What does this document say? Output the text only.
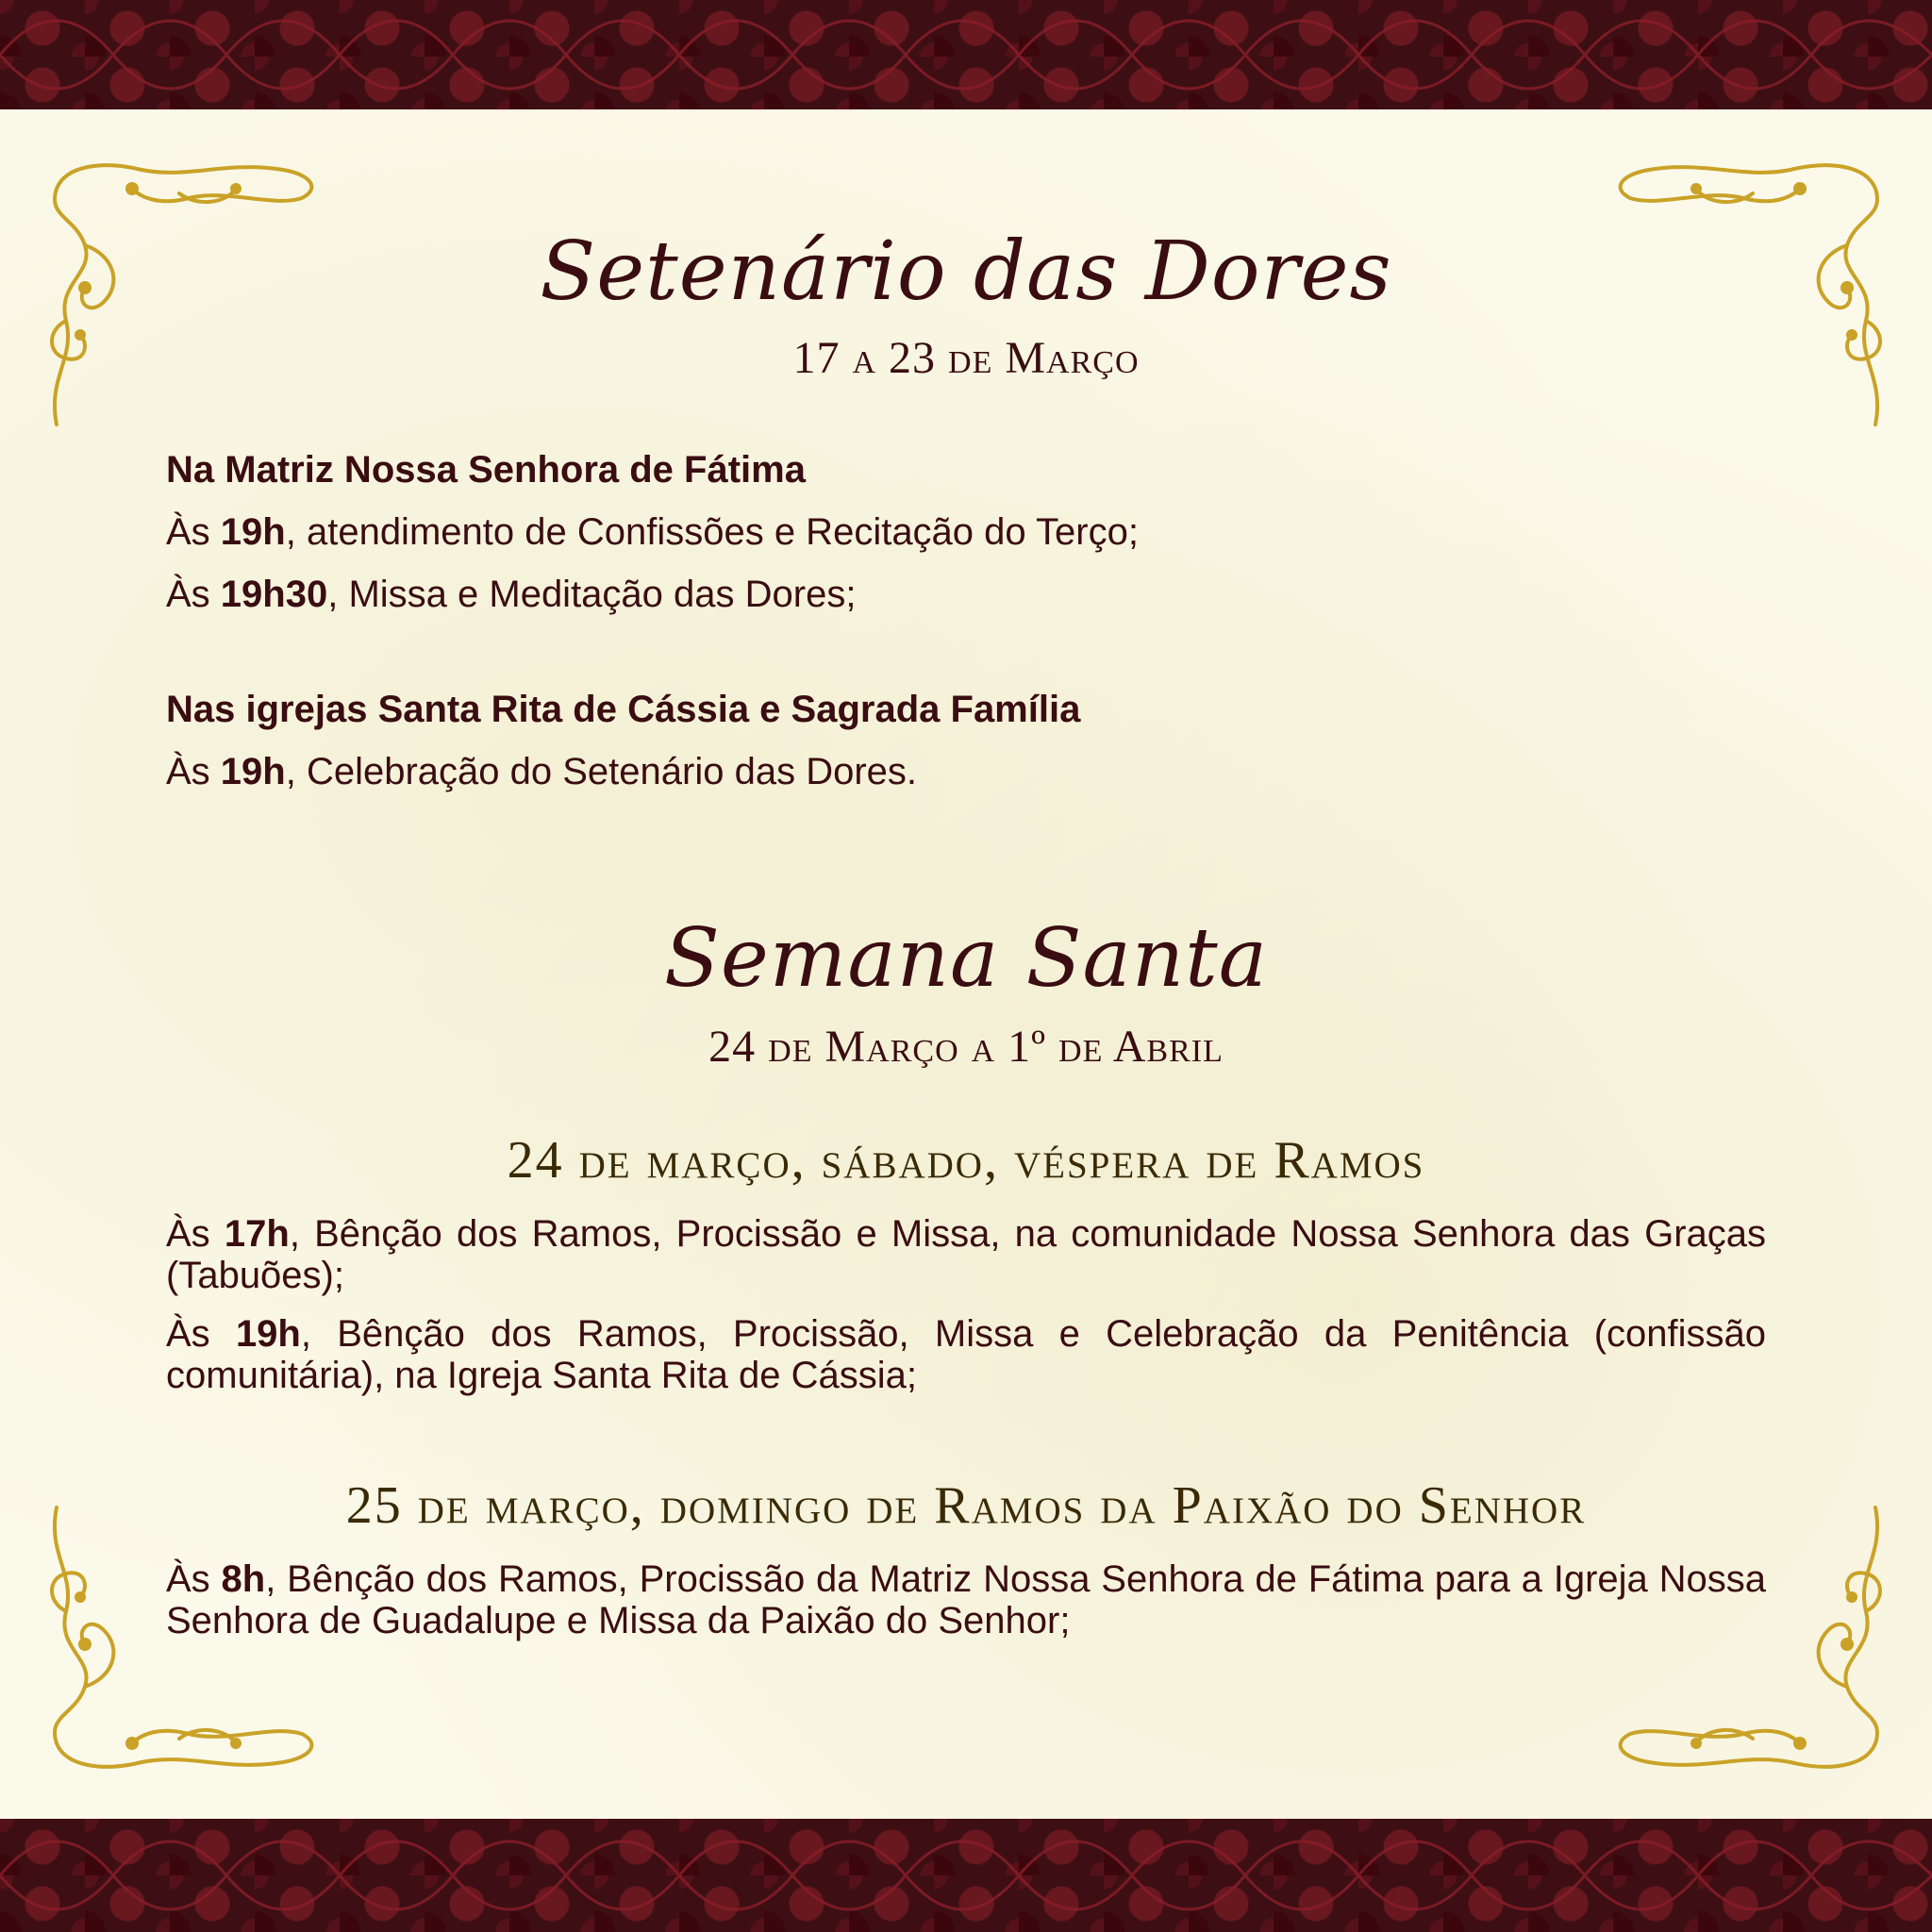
Setenário das Dores

17 a 23 de Março

Na Matriz Nossa Senhora de Fátima

Às 19h, atendimento de Confissões e Recitação do Terço;

Às 19h30, Missa e Meditação das Dores;

Nas igrejas Santa Rita de Cássia e Sagrada Família

Às 19h, Celebração do Setenário das Dores.

Semana Santa

24 de Março a 1º de Abril

24 de março, sábado, véspera de Ramos

Às 17h, Bênção dos Ramos, Procissão e Missa, na comunidade Nossa Senhora das Graças (Tabuões);

Às 19h, Bênção dos Ramos, Procissão, Missa e Celebração da Penitência (confissão comunitária), na Igreja Santa Rita de Cássia;

25 de março, domingo de Ramos da Paixão do Senhor

Às 8h, Bênção dos Ramos, Procissão da Matriz Nossa Senhora de Fátima para a Igreja Nossa Senhora de Guadalupe e Missa da Paixão do Senhor;
